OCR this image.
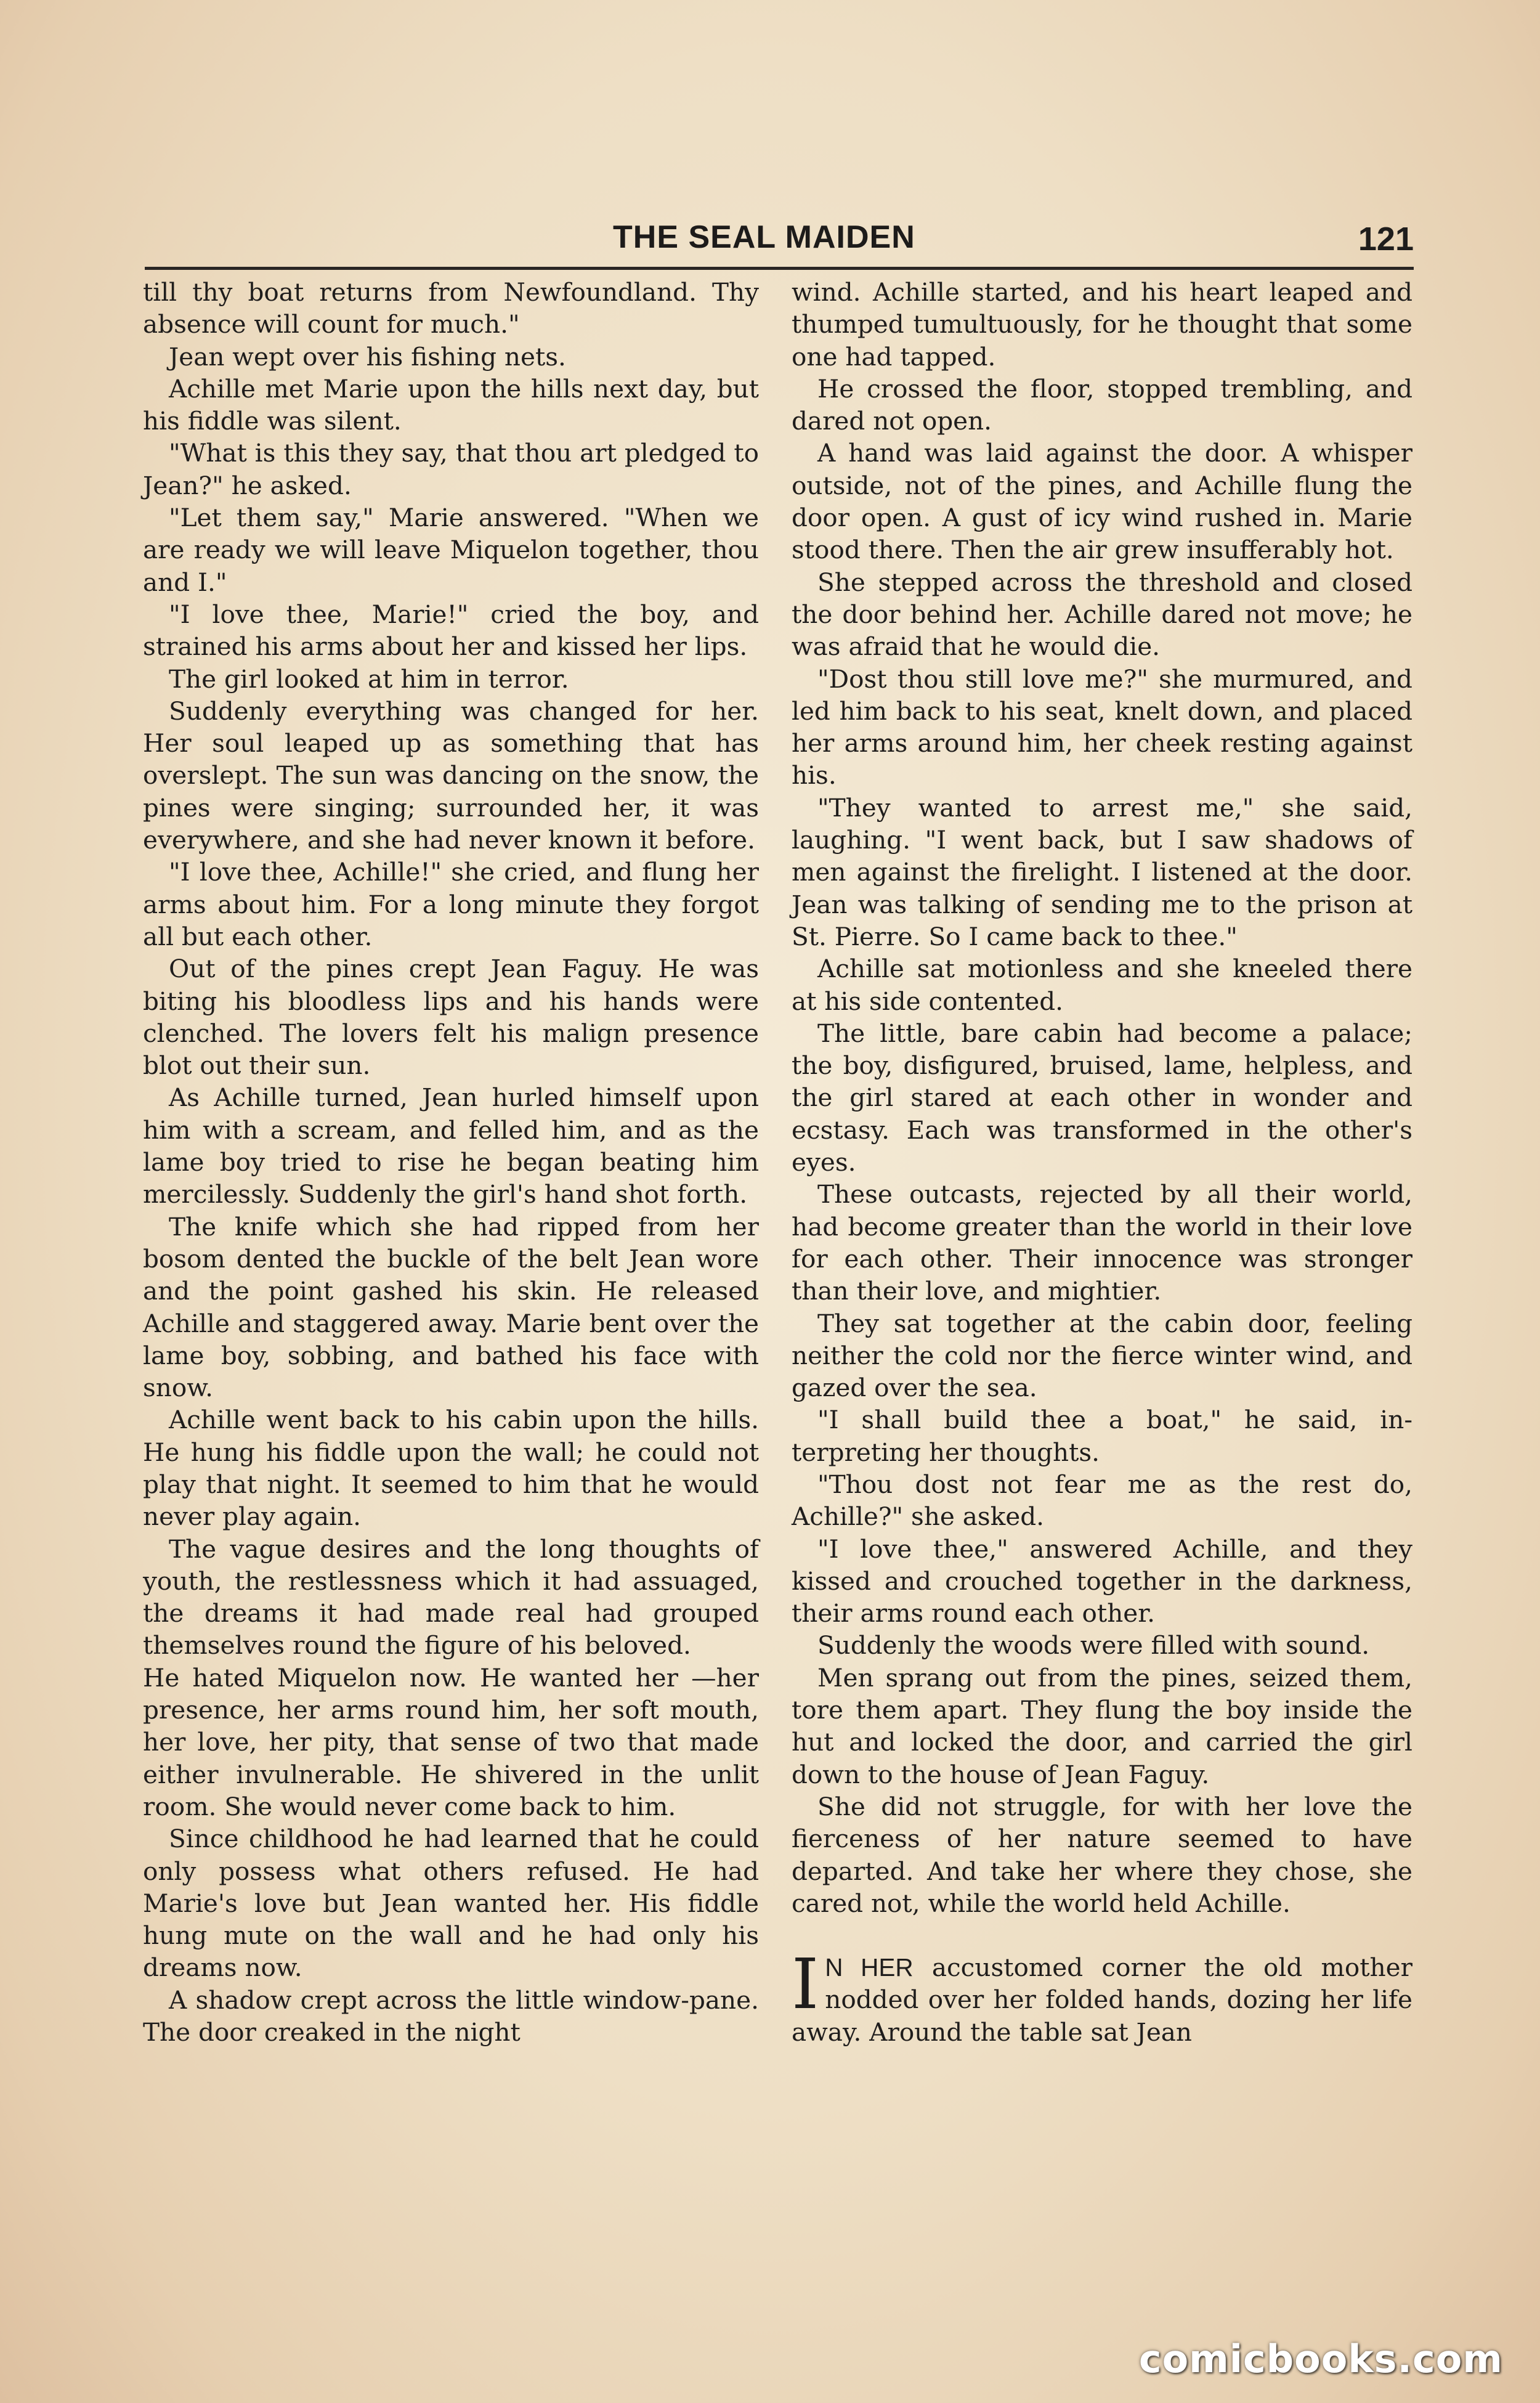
THE SEAL MAIDEN	121

till thy boat returns from Newfoundland. Thy absence will count for much."

Jean wept over his fishing nets.

Achille met Marie upon the hills next day, but his fiddle was silent.

"What is this they say, that thou art pledged to Jean?" he asked.

"Let them say," Marie answered. "When we are ready we will leave Miquelon together, thou and I."

"I love thee, Marie!" cried the boy, and strained his arms about her and kissed her lips.

The girl looked at him in terror.

Suddenly everything was changed for her. Her soul leaped up as something that has overslept. The sun was dancing on the snow, the pines were singing; surrounded her, it was everywhere, and she had never known it before.

"I love thee, Achille!" she cried, and flung her arms about him. For a long minute they forgot all but each other.

Out of the pines crept Jean Faguy. He was biting his bloodless lips and his hands were clenched. The lovers felt his malign presence blot out their sun.

As Achille turned, Jean hurled himself upon him with a scream, and felled him, and as the lame boy tried to rise he began beating him mercilessly. Suddenly the girl's hand shot forth.

The knife which she had ripped from her bosom dented the buckle of the belt Jean wore and the point gashed his skin. He released Achille and staggered away. Marie bent over the lame boy, sobbing, and bathed his face with snow.

Achille went back to his cabin upon the hills. He hung his fiddle upon the wall; he could not play that night. It seemed to him that he would never play again.

The vague desires and the long thoughts of youth, the restlessness which it had assuaged, the dreams it had made real had grouped themselves round the figure of his beloved.

He hated Miquelon now. He wanted her —her presence, her arms round him, her soft mouth, her love, her pity, that sense of two that made either invulnerable. He shivered in the unlit room. She would never come back to him.

Since childhood he had learned that he could only possess what others refused. He had Marie's love but Jean wanted her. His fiddle hung mute on the wall and he had only his dreams now.

A shadow crept across the little window-pane. The door creaked in the night

wind. Achille started, and his heart leaped and thumped tumultuously, for he thought that some one had tapped.

He crossed the floor, stopped trembling, and dared not open.

A hand was laid against the door. A whisper outside, not of the pines, and Achille flung the door open. A gust of icy wind rushed in. Marie stood there. Then the air grew insufferably hot.

She stepped across the threshold and closed the door behind her. Achille dared not move; he was afraid that he would die.

"Dost thou still love me?" she murmured, and led him back to his seat, knelt down, and placed her arms around him, her cheek resting against his.

"They wanted to arrest me," she said, laughing. "I went back, but I saw shadows of men against the firelight. I listened at the door. Jean was talking of sending me to the prison at St. Pierre. So I came back to thee."

Achille sat motionless and she kneeled there at his side contented.

The little, bare cabin had become a palace; the boy, disfigured, bruised, lame, helpless, and the girl stared at each other in wonder and ecstasy. Each was transformed in the other's eyes.

These outcasts, rejected by all their world, had become greater than the world in their love for each other. Their innocence was stronger than their love, and mightier.

They sat together at the cabin door, feeling neither the cold nor the fierce winter wind, and gazed over the sea.

"I shall build thee a boat," he said, interpreting her thoughts.

"Thou dost not fear me as the rest do, Achille?" she asked.

"I love thee," answered Achille, and they kissed and crouched together in the darkness, their arms round each other.

Suddenly the woods were filled with sound.

Men sprang out from the pines, seized them, tore them apart. They flung the boy inside the hut and locked the door, and carried the girl down to the house of Jean Faguy.

She did not struggle, for with her love the fierceness of her nature seemed to have departed. And take her where they chose, she cared not, while the world held Achille.

I N HER accustomed corner the old mother nodded over her folded hands, dozing her life away. Around the table sat Jean

comicbooks.com
